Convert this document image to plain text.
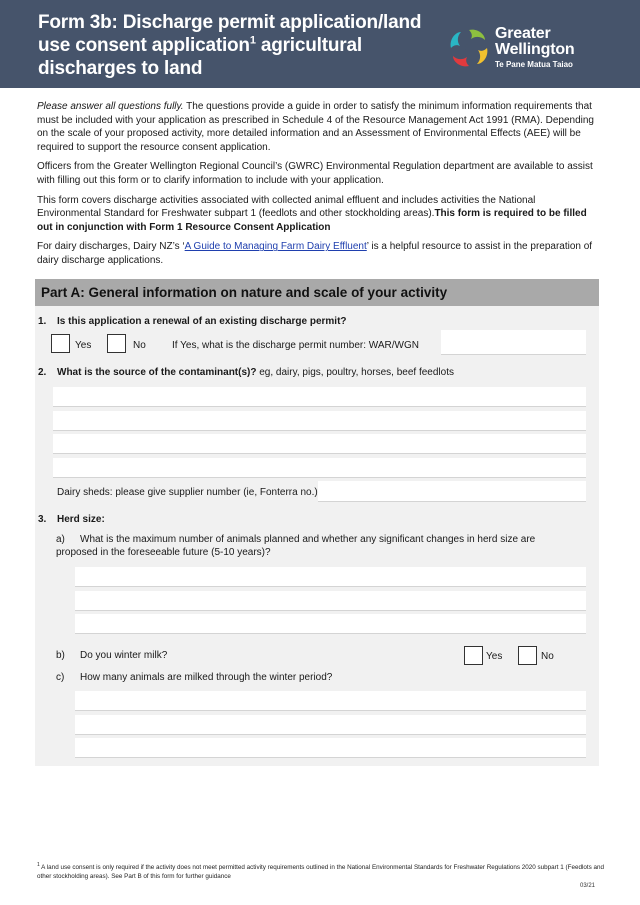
Form 3b: Discharge permit application/land use consent application$^1$ agricultural discharges to land
Greater
Wellington
Te Pane Matua Taiao

Please answer all questions fully. The questions provide a guide in order to satisfy the minimum information requirements that must be included with your application as prescribed in Schedule 4 of the Resource Management Act 1991 (RMA). Depending on the scale of your proposed activity, more detailed information and an Assessment of Environmental Effects (AEE) will be required to support the resource consent application.

Officers from the Greater Wellington Regional Council’s (GWRC) Environmental Regulation department are available to assist with filling out this form or to clarify information to include with your application.

This form covers discharge activities associated with collected animal effluent and includes activities the National Environmental Standard for Freshwater subpart 1 (feedlots and other stockholding areas).This form is required to be filled out in conjunction with Form 1 Resource Consent Application

For dairy discharges, Dairy NZ’s ‘A Guide to Managing Farm Dairy Effluent’ is a helpful resource to assist in the preparation of dairy discharge applications.

Part A: General information on nature and scale of your activity
1. Is this application a renewal of an existing discharge permit?
Yes	No	If Yes, what is the discharge permit number: WAR/WGN
2. What is the source of the contaminant(s)? eg, dairy, pigs, poultry, horses, beef feedlots
Dairy sheds: please give supplier number (ie, Fonterra no.)
3. Herd size:
a) What is the maximum number of animals planned and whether any significant changes in herd size are proposed in the foreseeable future (5-10 years)?
b) Do you winter milk?	Yes	No
c) How many animals are milked through the winter period?
$^1$ A land use consent is only required if the activity does not meet permitted activity requirements outlined in the National Environmental Standards for Freshwater Regulations 2020 subpart 1 (Feedlots and other stockholding areas). See Part B of this form for further guidance
03/21
